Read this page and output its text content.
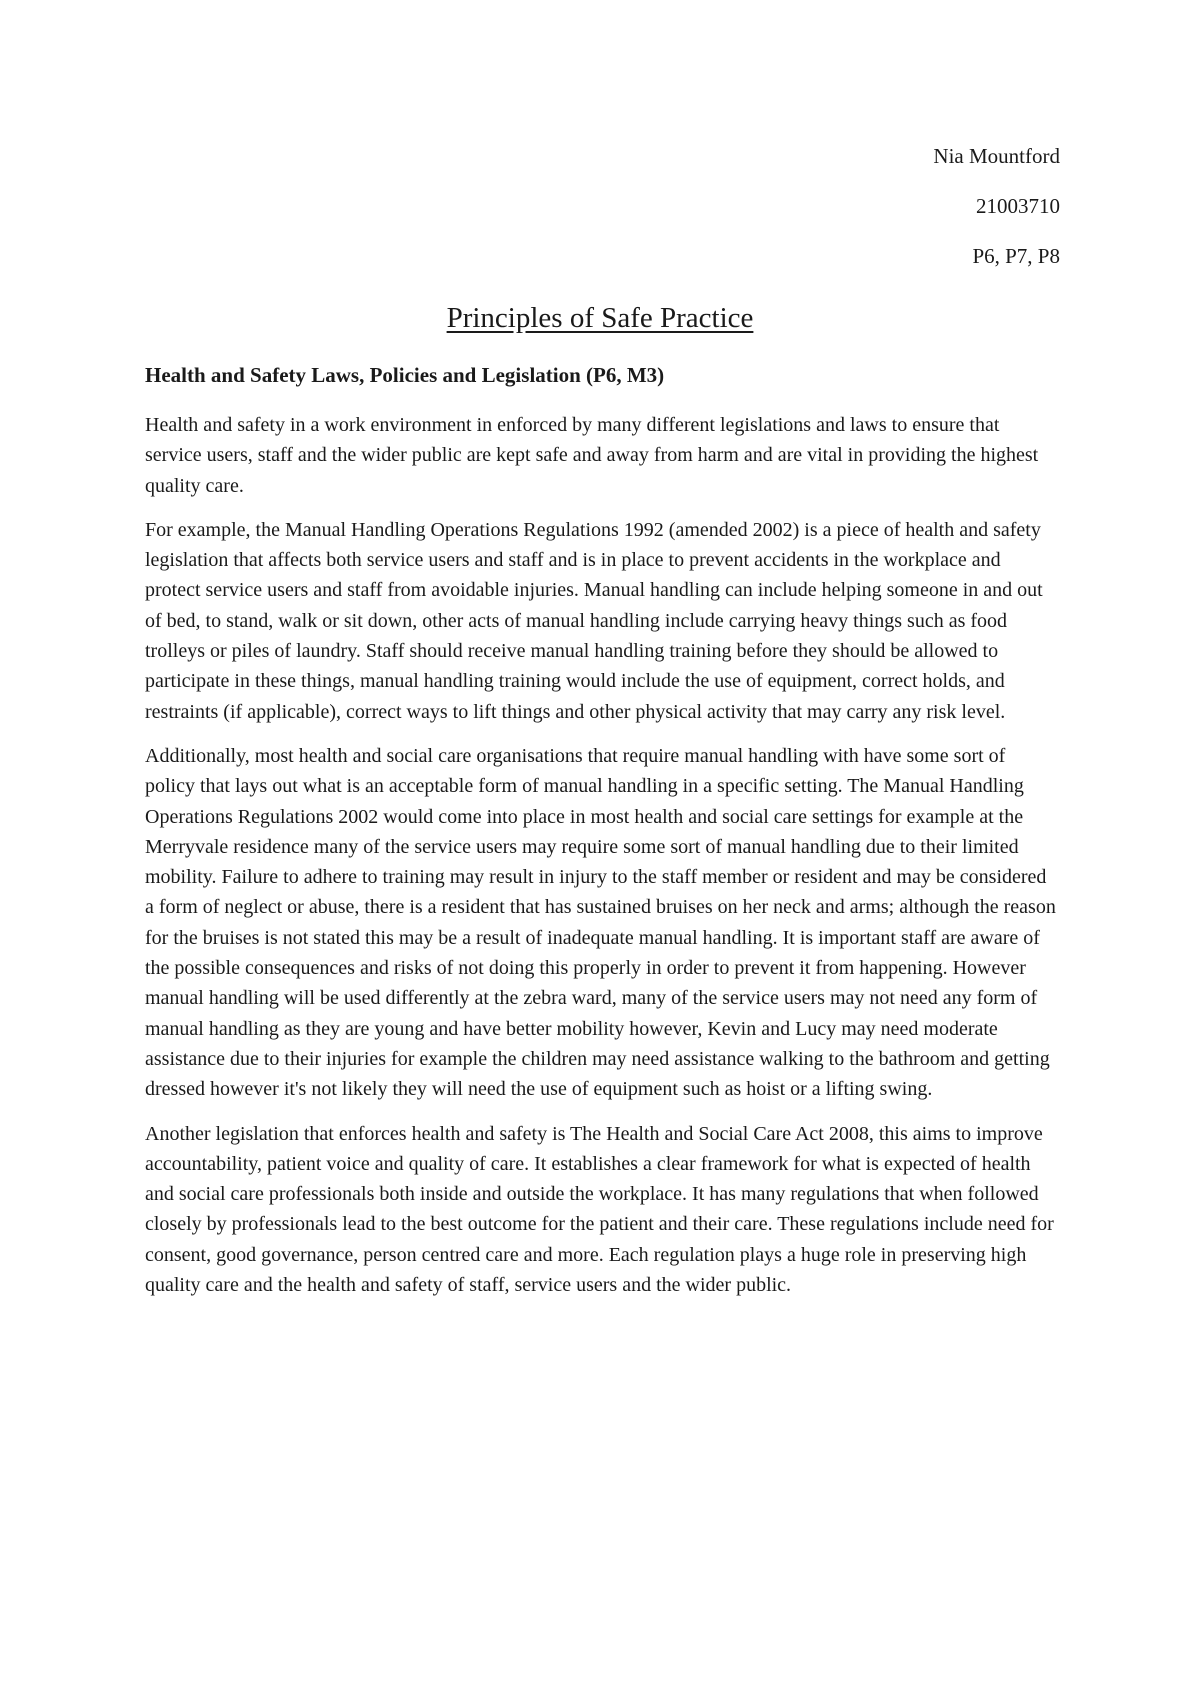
Nia Mountford
21003710
P6, P7, P8
Principles of Safe Practice
Health and Safety Laws, Policies and Legislation (P6, M3)

Health and safety in a work environment in enforced by many different legislations and laws to ensure that service users, staff and the wider public are kept safe and away from harm and are vital in providing the highest quality care.

For example, the Manual Handling Operations Regulations 1992 (amended 2002) is a piece of health and safety legislation that affects both service users and staff and is in place to prevent accidents in the workplace and protect service users and staff from avoidable injuries. Manual handling can include helping someone in and out of bed, to stand, walk or sit down, other acts of manual handling include carrying heavy things such as food trolleys or piles of laundry. Staff should receive manual handling training before they should be allowed to participate in these things, manual handling training would include the use of equipment, correct holds, and restraints (if applicable), correct ways to lift things and other physical activity that may carry any risk level.

Additionally, most health and social care organisations that require manual handling with have some sort of policy that lays out what is an acceptable form of manual handling in a specific setting. The Manual Handling Operations Regulations 2002 would come into place in most health and social care settings for example at the Merryvale residence many of the service users may require some sort of manual handling due to their limited mobility. Failure to adhere to training may result in injury to the staff member or resident and may be considered a form of neglect or abuse, there is a resident that has sustained bruises on her neck and arms; although the reason for the bruises is not stated this may be a result of inadequate manual handling. It is important staff are aware of the possible consequences and risks of not doing this properly in order to prevent it from happening. However manual handling will be used differently at the zebra ward, many of the service users may not need any form of manual handling as they are young and have better mobility however, Kevin and Lucy may need moderate assistance due to their injuries for example the children may need assistance walking to the bathroom and getting dressed however it's not likely they will need the use of equipment such as hoist or a lifting swing.

Another legislation that enforces health and safety is The Health and Social Care Act 2008, this aims to improve accountability, patient voice and quality of care. It establishes a clear framework for what is expected of health and social care professionals both inside and outside the workplace. It has many regulations that when followed closely by professionals lead to the best outcome for the patient and their care. These regulations include need for consent, good governance, person centred care and more. Each regulation plays a huge role in preserving high quality care and the health and safety of staff, service users and the wider public.
